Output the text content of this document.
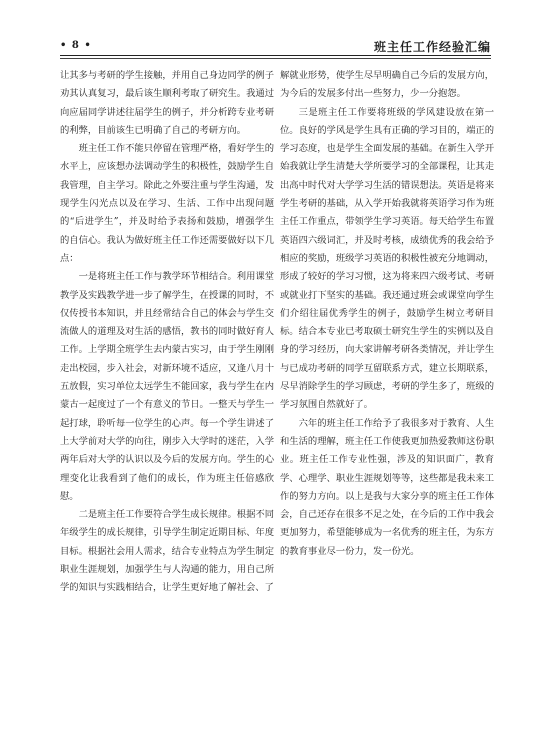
• 8 •	班主任工作经验汇编

让其多与考研的学生接触，并用自己身边同学的例子劝其认真复习，最后该生顺利考取了研究生。我通过向应届同学讲述往届学生的例子，并分析跨专业考研的利弊，目前该生已明确了自己的考研方向。

班主任工作不能只停留在管理严格，看好学生的水平上，应该想办法调动学生的积极性，鼓励学生自我管理，自主学习。除此之外要注重与学生沟通，发现学生闪光点以及在学习、生活、工作中出现问题的“后进学生”，并及时给予表扬和鼓励，增强学生的自信心。我认为做好班主任工作还需要做好以下几点：

一是将班主任工作与教学环节相结合。利用课堂教学及实践教学进一步了解学生，在授课的同时，不仅传授书本知识，并且经常结合自己的体会与学生交流做人的道理及对生活的感悟，教书的同时做好育人工作。上学期全班学生去内蒙古实习，由于学生刚刚走出校园，步入社会，对新环境不适应，又逢八月十五放假，实习单位太远学生不能回家，我与学生在内蒙古一起度过了一个有意义的节日。一整天与学生一起打球，聆听每一位学生的心声。每一个学生讲述了上大学前对大学的向往，刚步入大学时的迷茫，入学两年后对大学的认识以及今后的发展方向。学生的心理变化让我看到了他们的成长，作为班主任倍感欣慰。

二是班主任工作要符合学生成长规律。根据不同年级学生的成长规律，引导学生制定近期目标、年度目标。根据社会用人需求，结合专业特点为学生制定职业生涯规划，加强学生与人沟通的能力，用自己所学的知识与实践相结合，让学生更好地了解社会、了

解就业形势，使学生尽早明确自己今后的发展方向，为今后的发展多付出一些努力，少一分抱怨。

三是班主任工作要将班级的学风建设放在第一位。良好的学风是学生具有正确的学习目的，端正的学习态度，也是学生全面发展的基础。在新生入学开始我就让学生清楚大学所要学习的全部课程，让其走出高中时代对大学学习生活的错误想法。英语是将来学生考研的基础，从入学开始我就将英语学习作为班主任工作重点，带领学生学习英语。每天给学生布置英语四六级词汇，并及时考核，成绩优秀的我会给予相应的奖励，班级学习英语的积极性被充分地调动，形成了较好的学习习惯，这为将来四六级考试、考研或就业打下坚实的基础。我还通过班会或课堂向学生们介绍往届优秀学生的例子，鼓励学生树立考研目标。结合本专业已考取硕士研究生学生的实例以及自身的学习经历，向大家讲解考研各类情况，并让学生与已成功考研的同学互留联系方式，建立长期联系，尽早消除学生的学习顾虑，考研的学生多了，班级的学习氛围自然就好了。

六年的班主任工作给予了我很多对于教育、人生和生活的理解，班主任工作使我更加热爱教师这份职业。班主任工作专业性强，涉及的知识面广，教育学、心理学、职业生涯规划等等，这些都是我未来工作的努力方向。以上是我与大家分享的班主任工作体会，自己还存在很多不足之处，在今后的工作中我会更加努力，希望能够成为一名优秀的班主任，为东方的教育事业尽一份力，发一份光。
